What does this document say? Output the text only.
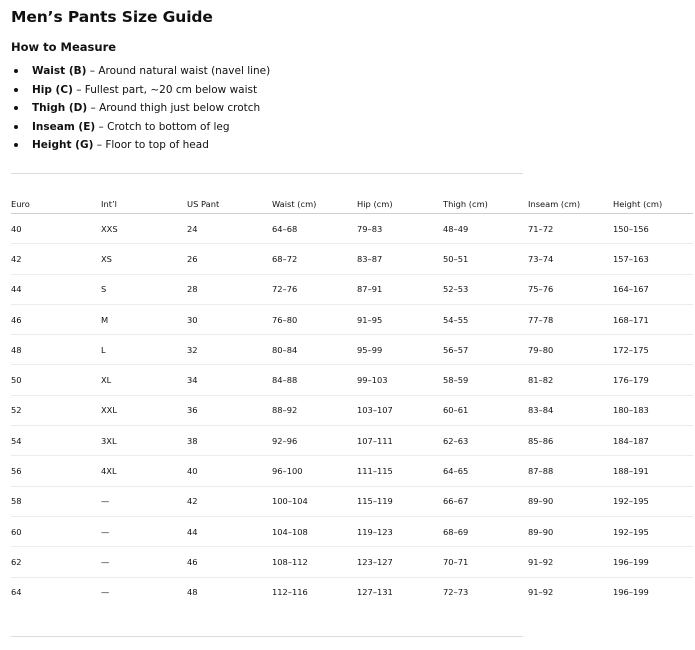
Men’s Pants Size Guide
How to Measure
Waist (B) – Around natural waist (navel line)
Hip (C) – Fullest part, ~20 cm below waist
Thigh (D) – Around thigh just below crotch
Inseam (E) – Crotch to bottom of leg
Height (G) – Floor to top of head
Euro	Int’l	US Pant	Waist (cm)	Hip (cm)	Thigh (cm)	Inseam (cm)	Height (cm)
40	XXS	24	64–68	79–83	48–49	71–72	150–156
42	XS	26	68–72	83–87	50–51	73–74	157–163
44	S	28	72–76	87–91	52–53	75–76	164–167
46	M	30	76–80	91–95	54–55	77–78	168–171
48	L	32	80–84	95–99	56–57	79–80	172–175
50	XL	34	84–88	99–103	58–59	81–82	176–179
52	XXL	36	88–92	103–107	60–61	83–84	180–183
54	3XL	38	92–96	107–111	62–63	85–86	184–187
56	4XL	40	96–100	111–115	64–65	87–88	188–191
58	—	42	100–104	115–119	66–67	89–90	192–195
60	—	44	104–108	119–123	68–69	89–90	192–195
62	—	46	108–112	123–127	70–71	91–92	196–199
64	—	48	112–116	127–131	72–73	91–92	196–199
